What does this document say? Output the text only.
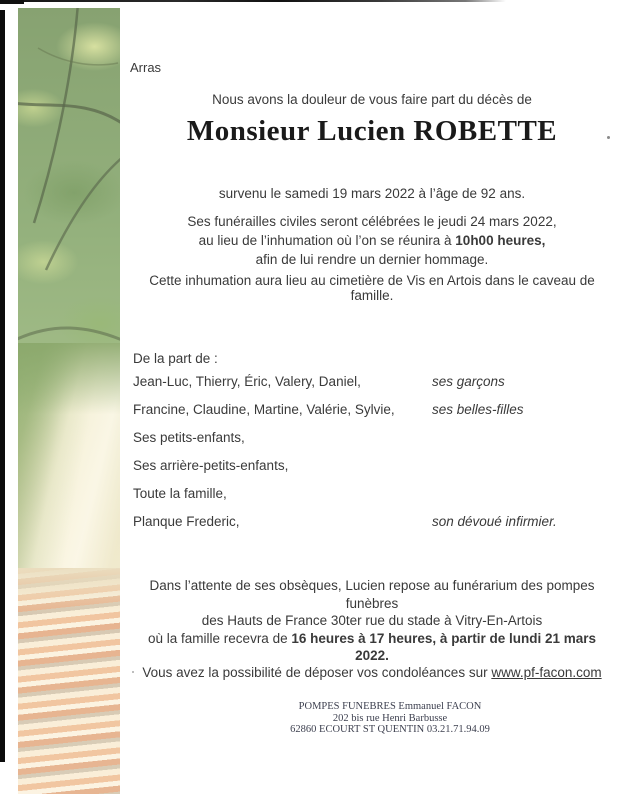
Arras
Nous avons la douleur de vous faire part du décès de
Monsieur Lucien ROBETTE
survenu le samedi 19 mars 2022 à l’âge de 92 ans.
Ses funérailles civiles seront célébrées le jeudi 24 mars 2022,
au lieu de l’inhumation où l’on se réunira à 10h00 heures,
afin de lui rendre un dernier hommage.
Cette inhumation aura lieu au cimetière de Vis en Artois dans le caveau de famille.
De la part de :
Jean-Luc, Thierry, Éric, Valery, Daniel,	ses garçons
Francine, Claudine, Martine, Valérie, Sylvie,	ses belles-filles
Ses petits-enfants,
Ses arrière-petits-enfants,
Toute la famille,
Planque Frederic,	son dévoué infirmier.
Dans l’attente de ses obsèques, Lucien repose au funérarium des pompes funèbres
des Hauts de France 30ter rue du stade à Vitry-En-Artois
où la famille recevra de 16 heures à 17 heures, à partir de lundi 21 mars 2022.
Vous avez la possibilité de déposer vos condoléances sur www.pf-facon.com
POMPES FUNEBRES Emmanuel FACON
202 bis rue Henri Barbusse
62860 ECOURT ST QUENTIN 03.21.71.94.09
